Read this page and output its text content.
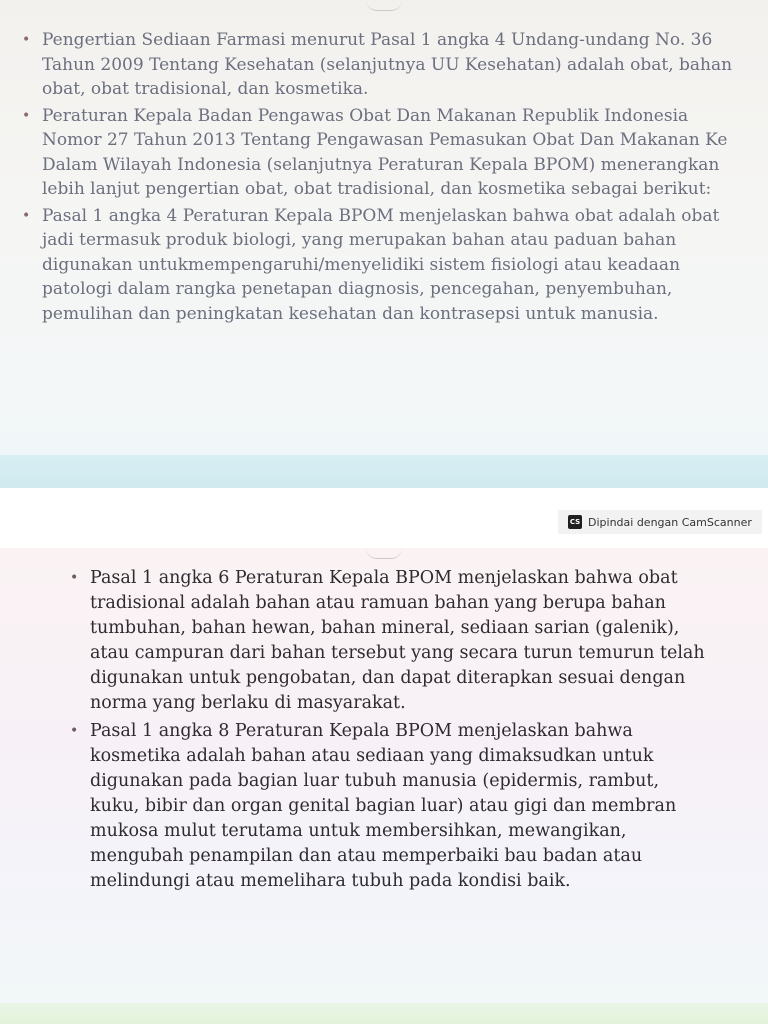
• Pengertian Sediaan Farmasi menurut Pasal 1 angka 4 Undang-undang No. 36 Tahun 2009 Tentang Kesehatan (selanjutnya UU Kesehatan) adalah obat, bahan obat, obat tradisional, dan kosmetika.
• Peraturan Kepala Badan Pengawas Obat Dan Makanan Republik Indonesia Nomor 27 Tahun 2013 Tentang Pengawasan Pemasukan Obat Dan Makanan Ke Dalam Wilayah Indonesia (selanjutnya Peraturan Kepala BPOM) menerangkan lebih lanjut pengertian obat, obat tradisional, dan kosmetika sebagai berikut:
• Pasal 1 angka 4 Peraturan Kepala BPOM menjelaskan bahwa obat adalah obat jadi termasuk produk biologi, yang merupakan bahan atau paduan bahan digunakan untukmempengaruhi/menyelidiki sistem fisiologi atau keadaan patologi dalam rangka penetapan diagnosis, pencegahan, penyembuhan, pemulihan dan peningkatan kesehatan dan kontrasepsi untuk manusia.
CS Dipindai dengan CamScanner
• Pasal 1 angka 6 Peraturan Kepala BPOM menjelaskan bahwa obat tradisional adalah bahan atau ramuan bahan yang berupa bahan tumbuhan, bahan hewan, bahan mineral, sediaan sarian (galenik), atau campuran dari bahan tersebut yang secara turun temurun telah digunakan untuk pengobatan, dan dapat diterapkan sesuai dengan norma yang berlaku di masyarakat.
• Pasal 1 angka 8 Peraturan Kepala BPOM menjelaskan bahwa kosmetika adalah bahan atau sediaan yang dimaksudkan untuk digunakan pada bagian luar tubuh manusia (epidermis, rambut, kuku, bibir dan organ genital bagian luar) atau gigi dan membran mukosa mulut terutama untuk membersihkan, mewangikan, mengubah penampilan dan atau memperbaiki bau badan atau melindungi atau memelihara tubuh pada kondisi baik.
